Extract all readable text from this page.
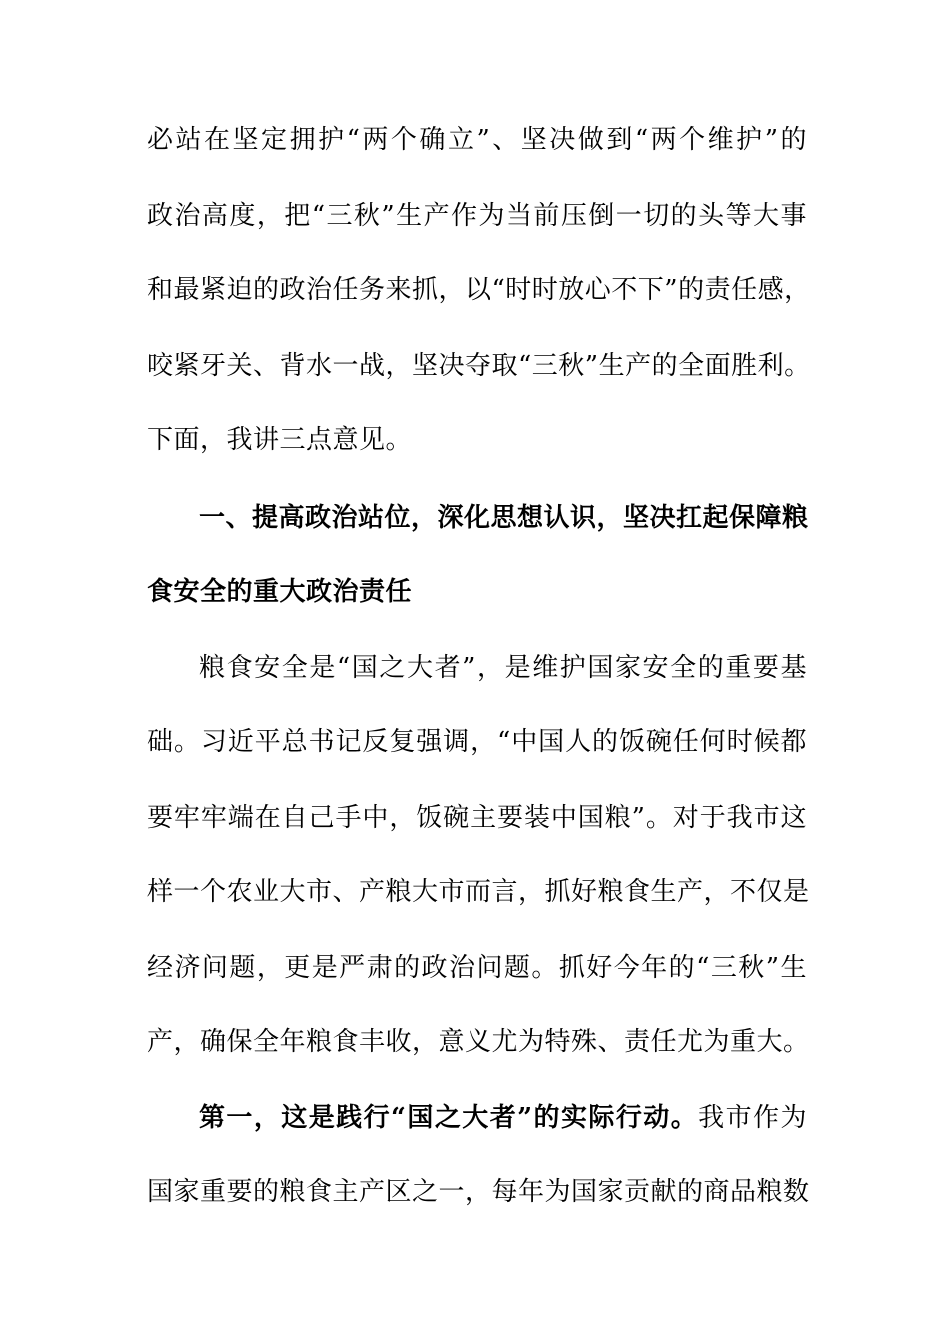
必站在坚定拥护“两个确立”、坚决做到“两个维护”的
政治高度，把“三秋”生产作为当前压倒一切的头等大事
和最紧迫的政治任务来抓，以“时时放心不下”的责任感，
咬紧牙关、背水一战，坚决夺取“三秋”生产的全面胜利。
下面，我讲三点意见。
一、提高政治站位，深化思想认识，坚决扛起保障粮
食安全的重大政治责任
粮食安全是“国之大者”，是维护国家安全的重要基
础。习近平总书记反复强调，“中国人的饭碗任何时候都
要牢牢端在自己手中，饭碗主要装中国粮”。对于我市这
样一个农业大市、产粮大市而言，抓好粮食生产，不仅是
经济问题，更是严肃的政治问题。抓好今年的“三秋”生
产，确保全年粮食丰收，意义尤为特殊、责任尤为重大。
第一，这是践行“国之大者”的实际行动。我市作为
国家重要的粮食主产区之一，每年为国家贡献的商品粮数
